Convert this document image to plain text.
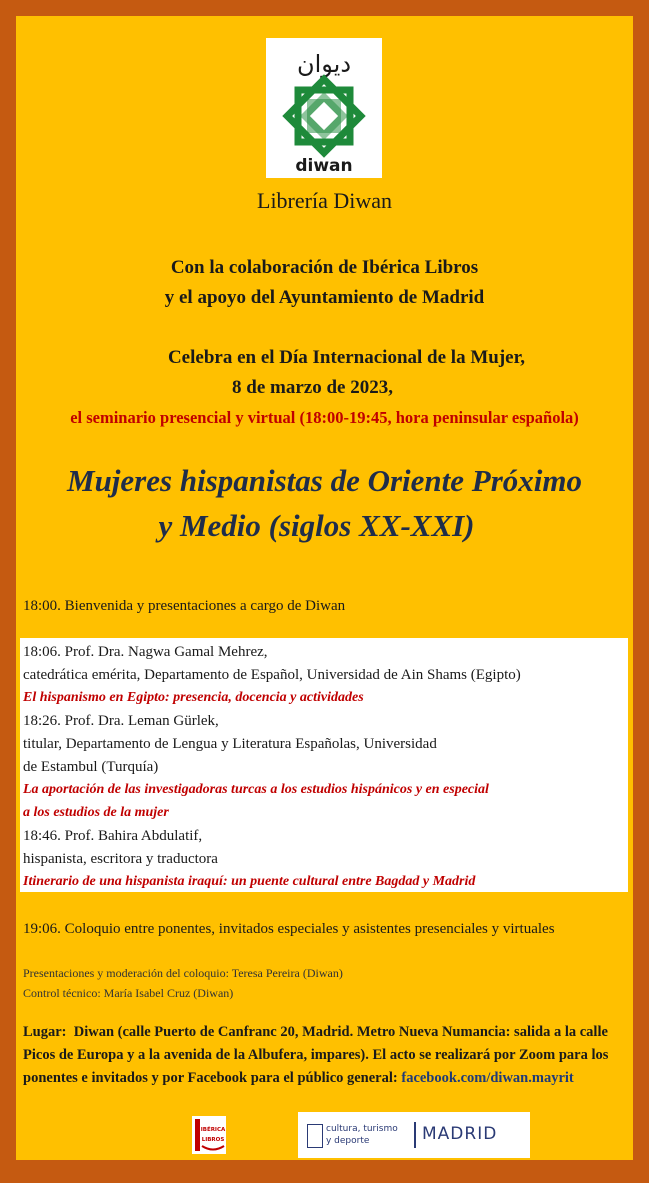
ديوان
diwan
Librería Diwan
Con la colaboración de Ibérica Libros
y el apoyo del Ayuntamiento de Madrid
Celebra en el Día Internacional de la Mujer,
8 de marzo de 2023,
el seminario presencial y virtual (18:00-19:45, hora peninsular española)
Mujeres hispanistas de Oriente Próximo
y Medio (siglos XX-XXI)
18:00. Bienvenida y presentaciones a cargo de Diwan
18:06. Prof. Dra. Nagwa Gamal Mehrez,
catedrática emérita, Departamento de Español, Universidad de Ain Shams (Egipto)
El hispanismo en Egipto: presencia, docencia y actividades
18:26. Prof. Dra. Leman Gürlek,
titular, Departamento de Lengua y Literatura Españolas, Universidad
de Estambul (Turquía)
La aportación de las investigadoras turcas a los estudios hispánicos y en especial
a los estudios de la mujer
18:46. Prof. Bahira Abdulatif,
hispanista, escritora y traductora
Itinerario de una hispanista iraquí: un puente cultural entre Bagdad y Madrid
19:06. Coloquio entre ponentes, invitados especiales y asistentes presenciales y virtuales
Presentaciones y moderación del coloquio: Teresa Pereira (Diwan)
Control técnico: María Isabel Cruz (Diwan)
Lugar: Diwan (calle Puerto de Canfranc 20, Madrid. Metro Nueva Numancia: salida a la calle Picos de Europa y a la avenida de la Albufera, impares). El acto se realizará por Zoom para los ponentes e invitados y por Facebook para el público general: facebook.com/diwan.mayrit
IBÉRICA
LIBROS
cultura, turismo
y deporte	MADRID
